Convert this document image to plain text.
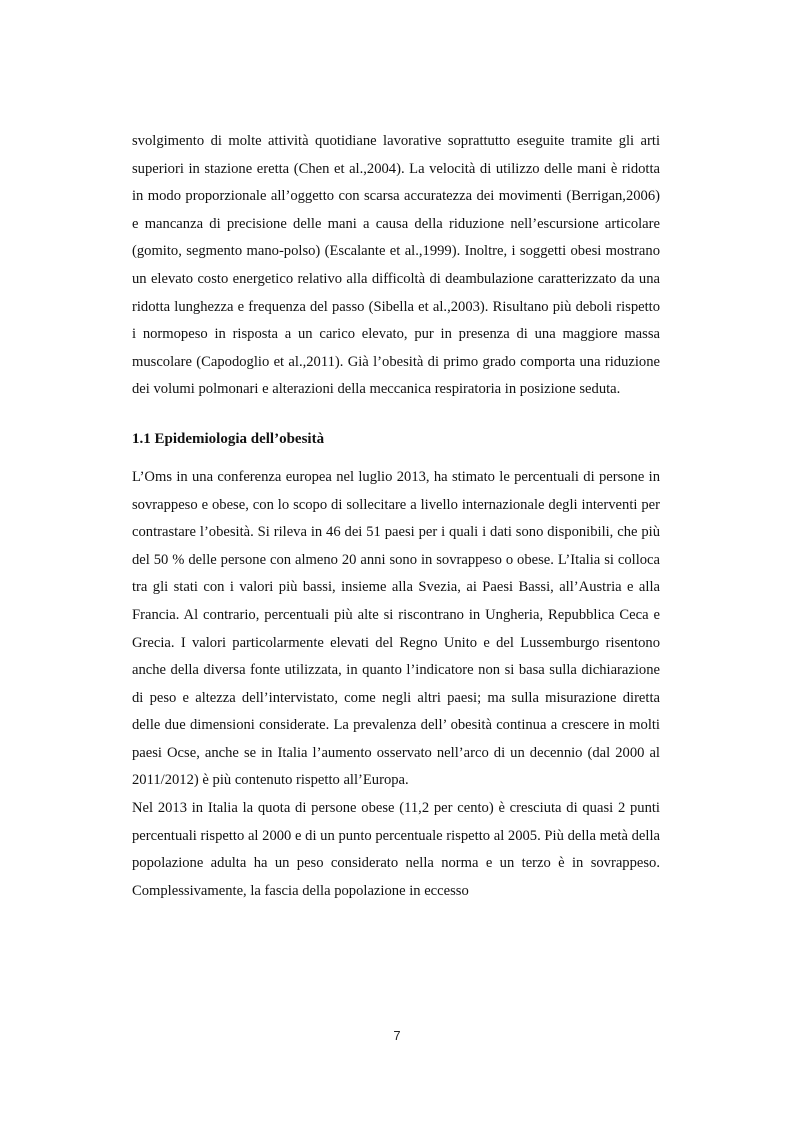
svolgimento di molte attività quotidiane lavorative soprattutto eseguite tramite gli arti superiori in stazione eretta (Chen et al.,2004). La velocità di utilizzo delle mani è ridotta in modo proporzionale all’oggetto con scarsa accuratezza dei movimenti (Berrigan,2006) e mancanza di precisione delle mani a causa della riduzione nell’escursione articolare (gomito, segmento mano-polso) (Escalante et al.,1999). Inoltre, i soggetti obesi mostrano un elevato costo energetico relativo alla difficoltà di deambulazione caratterizzato da una ridotta lunghezza e frequenza del passo (Sibella et al.,2003). Risultano più deboli rispetto i normopeso in risposta a un carico elevato, pur in presenza di una maggiore massa muscolare (Capodoglio et al.,2011). Già l’obesità di primo grado comporta una riduzione dei volumi polmonari e alterazioni della meccanica respiratoria in posizione seduta.

1.1 Epidemiologia dell’obesità

L’Oms in una conferenza europea nel luglio 2013, ha stimato le percentuali di persone in sovrappeso e obese, con lo scopo di sollecitare a livello internazionale degli interventi per contrastare l’obesità. Si rileva in 46 dei 51 paesi per i quali i dati sono disponibili, che più del 50 % delle persone con almeno 20 anni sono in sovrappeso o obese. L’Italia si colloca tra gli stati con i valori più bassi, insieme alla Svezia, ai Paesi Bassi, all’Austria e alla Francia. Al contrario, percentuali più alte si riscontrano in Ungheria, Repubblica Ceca e Grecia. I valori particolarmente elevati del Regno Unito e del Lussemburgo risentono anche della diversa fonte utilizzata, in quanto l’indicatore non si basa sulla dichiarazione di peso e altezza dell’intervistato, come negli altri paesi; ma sulla misurazione diretta delle due dimensioni considerate. La prevalenza dell’ obesità continua a crescere in molti paesi Ocse, anche se in Italia l’aumento osservato nell’arco di un decennio (dal 2000 al 2011/2012) è più contenuto rispetto all’Europa.

Nel 2013 in Italia la quota di persone obese (11,2 per cento) è cresciuta di quasi 2 punti percentuali rispetto al 2000 e di un punto percentuale rispetto al 2005. Più della metà della popolazione adulta ha un peso considerato nella norma e un terzo è in sovrappeso. Complessivamente, la fascia della popolazione in eccesso

7
